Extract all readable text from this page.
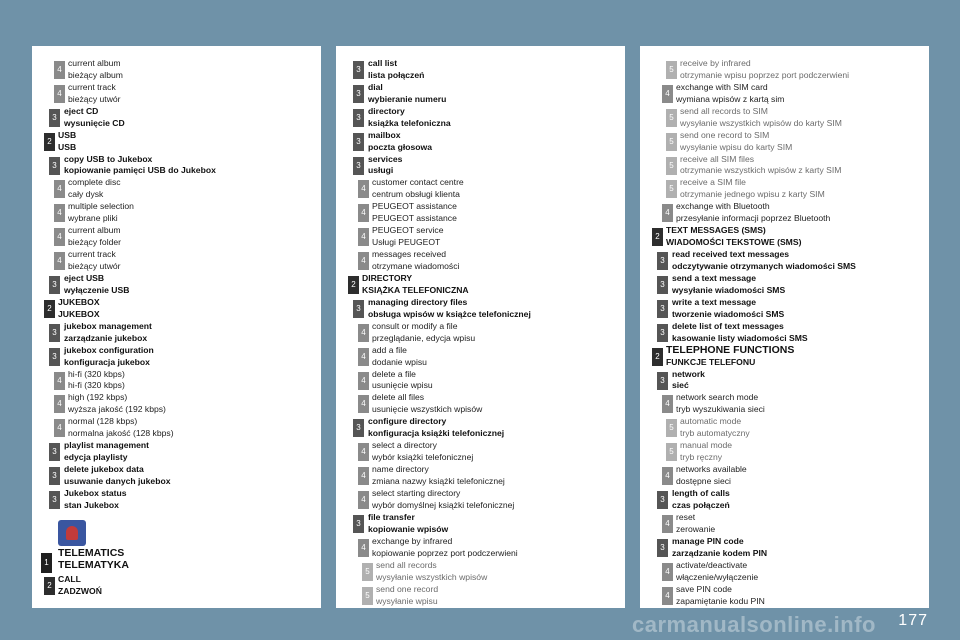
4
current album
bieżący album
4
current track
bieżący utwór
3
eject CD
wysunięcie CD
2
USB
USB
3
copy USB to Jukebox
kopiowanie pamięci USB do Jukebox
4
complete disc
cały dysk
4
multiple selection
wybrane pliki
4
current album
bieżący folder
4
current track
bieżący utwór
3
eject USB
wyłączenie USB
2
JUKEBOX
JUKEBOX
3
jukebox management
zarządzanie jukebox
3
jukebox configuration
konfiguracja jukebox
4
hi-fi (320 kbps)
hi-fi (320 kbps)
4
high (192 kbps)
wyższa jakość (192 kbps)
4
normal (128 kbps)
normalna jakość (128 kbps)
3
playlist management
edycja playlisty
3
delete jukebox data
usuwanie danych jukebox
3
Jukebox status
stan Jukebox
1
TELEMATICS
TELEMATYKA
2
CALL
ZADZWOŃ
3
call list
lista połączeń
3
dial
wybieranie numeru
3
directory
książka telefoniczna
3
mailbox
poczta głosowa
3
services
usługi
4
customer contact centre
centrum obsługi klienta
4
PEUGEOT assistance
PEUGEOT assistance
4
PEUGEOT service
Usługi PEUGEOT
4
messages received
otrzymane wiadomości
2
DIRECTORY
KSIĄŻKA TELEFONICZNA
3
managing directory files
obsługa wpisów w książce telefonicznej
4
consult or modify a file
przeglądanie, edycja wpisu
4
add a file
dodanie wpisu
4
delete a file
usunięcie wpisu
4
delete all files
usunięcie wszystkich wpisów
3
configure directory
konfiguracja książki telefonicznej
4
select a directory
wybór książki telefonicznej
4
name directory
zmiana nazwy książki telefonicznej
4
select starting directory
wybór domyślnej książki telefonicznej
3
file transfer
kopiowanie wpisów
4
exchange by infrared
kopiowanie poprzez port podczerwieni
5
send all records
wysyłanie wszystkich wpisów
5
send one record
wysyłanie wpisu
5
receive by infrared
otrzymanie wpisu poprzez port podczerwieni
4
exchange with SIM card
wymiana wpisów z kartą sim
5
send all records to SIM
wysyłanie wszystkich wpisów do karty SIM
5
send one record to SIM
wysyłanie wpisu do karty SIM
5
receive all SIM files
otrzymanie wszystkich wpisów z karty SIM
5
receive a SIM file
otrzymanie jednego wpisu z karty SIM
4
exchange with Bluetooth
przesyłanie informacji poprzez Bluetooth
2
TEXT MESSAGES (SMS)
WIADOMOŚCI TEKSTOWE (SMS)
3
read received text messages
odczytywanie otrzymanych wiadomości SMS
3
send a text message
wysyłanie wiadomości SMS
3
write a text message
tworzenie wiadomości SMS
3
delete list of text messages
kasowanie listy wiadomości SMS
2
TELEPHONE FUNCTIONS
FUNKCJE TELEFONU
3
network
sieć
4
network search mode
tryb wyszukiwania sieci
5
automatic mode
tryb automatyczny
5
manual mode
tryb ręczny
4
networks available
dostępne sieci
3
length of calls
czas połączeń
4
reset
zerowanie
3
manage PIN code
zarządzanie kodem PIN
4
activate/deactivate
włączenie/wyłączenie
4
save PIN code
zapamiętanie kodu PIN
carmanualsonline.info 177
